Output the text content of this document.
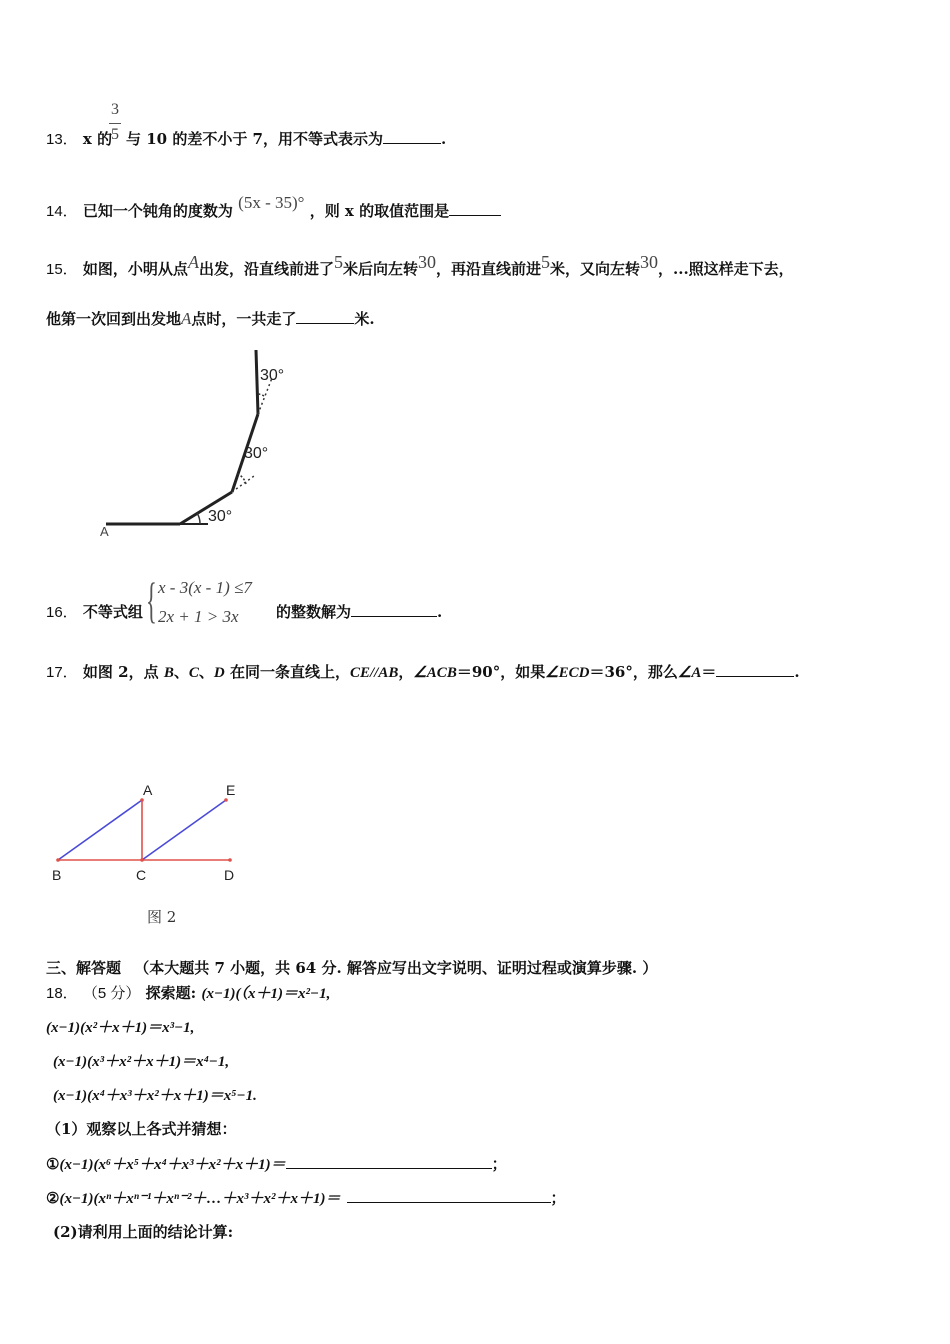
13． x 的
3
5 与 10 的差不小于 7，用不等式表示为	.
14． 已知一个钝角的度数为 (5x - 35)° ，则 x 的取值范围是
15． 如图，小明从点A出发，沿直线前进了5米后向左转30，再沿直线前进5米，又向左转30，...照这样走下去，
他第一次回到出发地A点时，一共走了	米.
30°
30°
30°
A
16． 不等式组 { x - 3(x - 1) ≤7
2x + 1 > 3x 的整数解为	.
17． 如图 2，点 B、C、D 在同一条直线上，CE//AB，∠ACB＝90°，如果∠ECD＝36°，那么∠A＝	.
A	E
B	C	D
图 2
三、解答题 （本大题共 7 小题，共 64 分. 解答应写出文字说明、证明过程或演算步骤. ）
18． （5 分） 探索题: (x−1)(（x＋1)＝x²−1,
(x−1)(x²＋x＋1)＝x³−1,
(x−1)(x³＋x²＋x＋1)＝x⁴−1,
(x−1)(x⁴＋x³＋x²＋x＋1)＝x⁵−1.
（1）观察以上各式并猜想：
①(x−1)(x⁶＋x⁵＋x⁴＋x³＋x²＋x＋1)＝	；
②(x−1)(xⁿ＋xⁿ⁻¹＋xⁿ⁻²＋…＋x³＋x²＋x＋1)＝	；
(2)请利用上面的结论计算:
